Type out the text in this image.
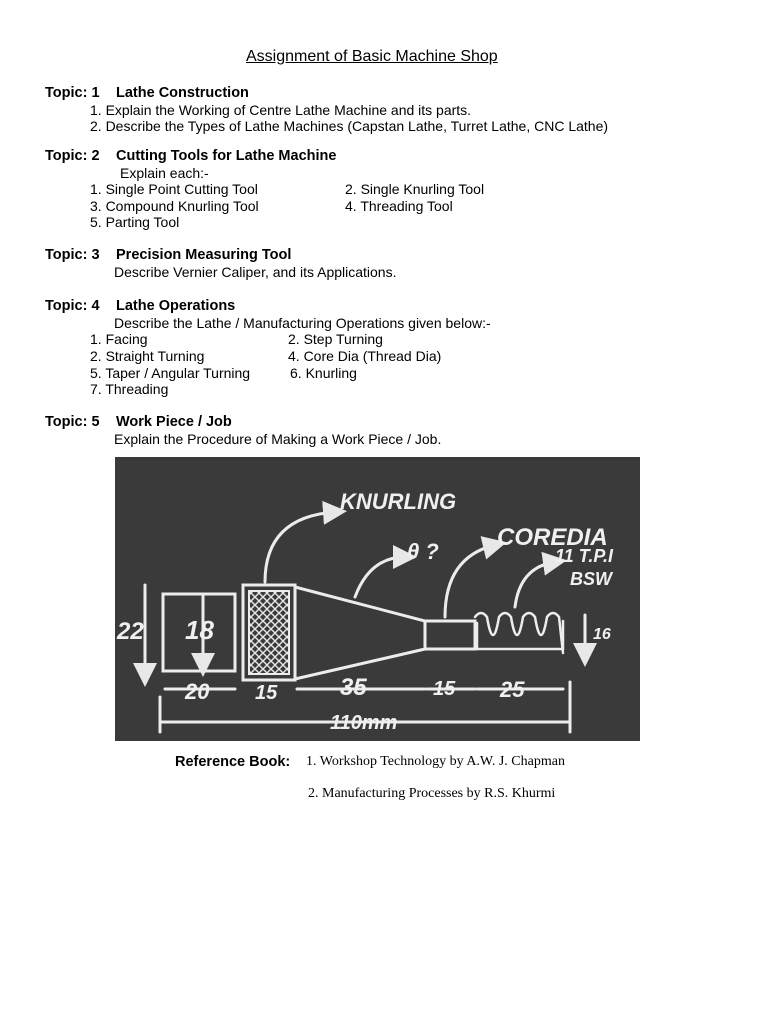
Assignment of Basic Machine Shop
Topic: 1 Lathe Construction
1. Explain the Working of Centre Lathe Machine and its parts.
2. Describe the Types of Lathe Machines (Capstan Lathe, Turret Lathe, CNC Lathe)
Topic: 2 Cutting Tools for Lathe Machine
Explain each:-
1. Single Point Cutting Tool	2. Single Knurling Tool
3. Compound Knurling Tool	4. Threading Tool
5. Parting Tool
Topic: 3 Precision Measuring Tool
Describe Vernier Caliper, and its Applications.
Topic: 4 Lathe Operations
Describe the Lathe / Manufacturing Operations given below:-
1. Facing	2. Step Turning
2. Straight Turning	4. Core Dia (Thread Dia)
5. Taper / Angular Turning	6. Knurling
7. Threading
Topic: 5 Work Piece / Job
Explain the Procedure of Making a Work Piece / Job.
KNURLING
θ ?
COREDIA
11 T.P.I
BSW
22 18	16
20 15	35	15 25
110mm
Reference Book: 1. Workshop Technology by A.W. J. Chapman
2. Manufacturing Processes by R.S. Khurmi
